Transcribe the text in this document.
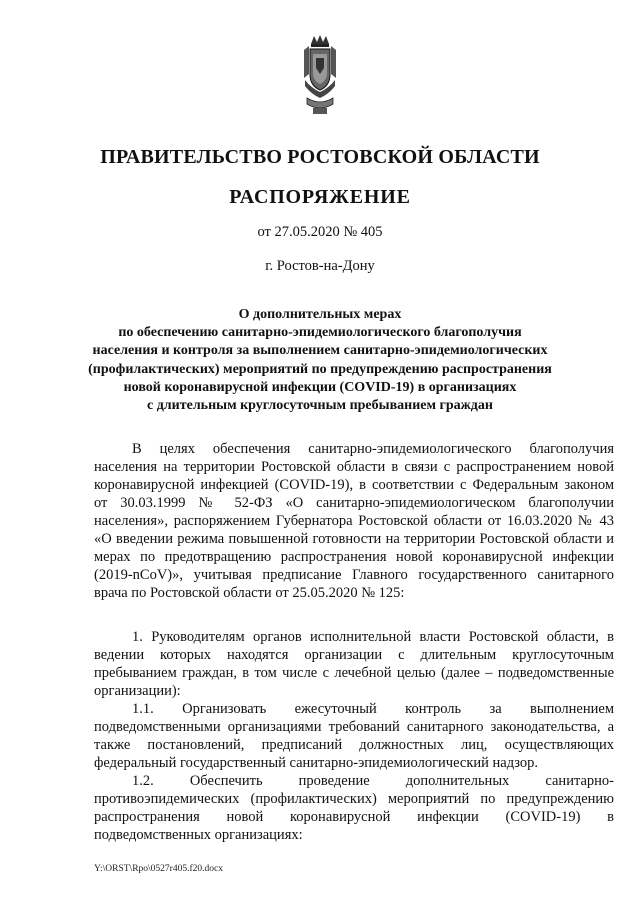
ПРАВИТЕЛЬСТВО РОСТОВСКОЙ ОБЛАСТИ
РАСПОРЯЖЕНИЕ
от 27.05.2020 № 405
г. Ростов-на-Дону
О дополнительных мерах
по обеспечению санитарно-эпидемиологического благополучия
населения и контроля за выполнением санитарно-эпидемиологических
(профилактических) мероприятий по предупреждению распространения
новой коронавирусной инфекции (COVID-19) в организациях
с длительным круглосуточным пребыванием граждан

В целях обеспечения санитарно-эпидемиологического благополучия населения на территории Ростовской области в связи с распространением новой коронавирусной инфекцией (COVID-19), в соответствии с Федеральным законом от 30.03.1999 № 52-ФЗ «О санитарно-эпидемиологическом благополучии населения», распоряжением Губернатора Ростовской области от 16.03.2020 № 43 «О введении режима повышенной готовности на территории Ростовской области и мерах по предотвращению распространения новой коронавирусной инфекции (2019-nCoV)», учитывая предписание Главного государственного санитарного врача по Ростовской области от 25.05.2020 № 125:

1. Руководителям органов исполнительной власти Ростовской области, в ведении которых находятся организации с длительным круглосуточным пребыванием граждан, в том числе с лечебной целью (далее – подведомственные организации):

1.1. Организовать ежесуточный контроль за выполнением подведомственными организациями требований санитарного законодательства, а также постановлений, предписаний должностных лиц, осуществляющих федеральный государственный санитарно-эпидемиологический надзор.

1.2. Обеспечить проведение дополнительных санитарно-противоэпидемических (профилактических) мероприятий по предупреждению распространения новой коронавирусной инфекции (COVID-19) в подведомственных организациях:

Y:\ORST\Rpo\0527r405.f20.docx
